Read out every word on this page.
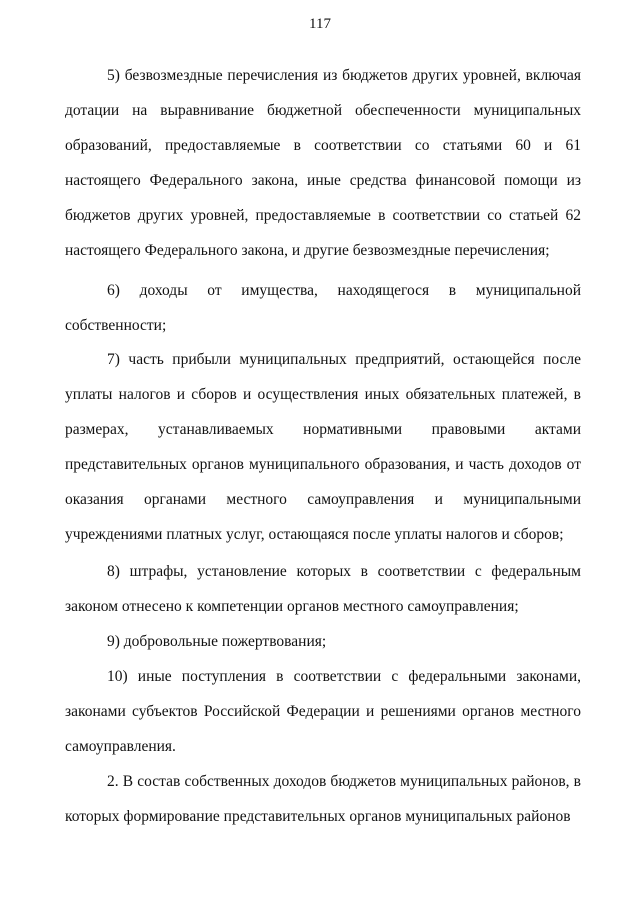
117
5) безвозмездные перечисления из бюджетов других уровней, включая
дотации на выравнивание бюджетной обеспеченности муниципальных
образований, предоставляемые в соответствии со статьями 60 и 61
настоящего Федерального закона, иные средства финансовой помощи из
бюджетов других уровней, предоставляемые в соответствии со статьей 62
настоящего Федерального закона, и другие безвозмездные перечисления;
6) доходы от имущества, находящегося в муниципальной
собственности;
7) часть прибыли муниципальных предприятий, остающейся после
уплаты налогов и сборов и осуществления иных обязательных платежей, в
размерах, устанавливаемых нормативными правовыми актами
представительных органов муниципального образования, и часть доходов от
оказания органами местного самоуправления и муниципальными
учреждениями платных услуг, остающаяся после уплаты налогов и сборов;
8) штрафы, установление которых в соответствии с федеральным
законом отнесено к компетенции органов местного самоуправления;
9) добровольные пожертвования;
10) иные поступления в соответствии с федеральными законами,
законами субъектов Российской Федерации и решениями органов местного
самоуправления.
2. В состав собственных доходов бюджетов муниципальных районов, в
которых формирование представительных органов муниципальных районов
